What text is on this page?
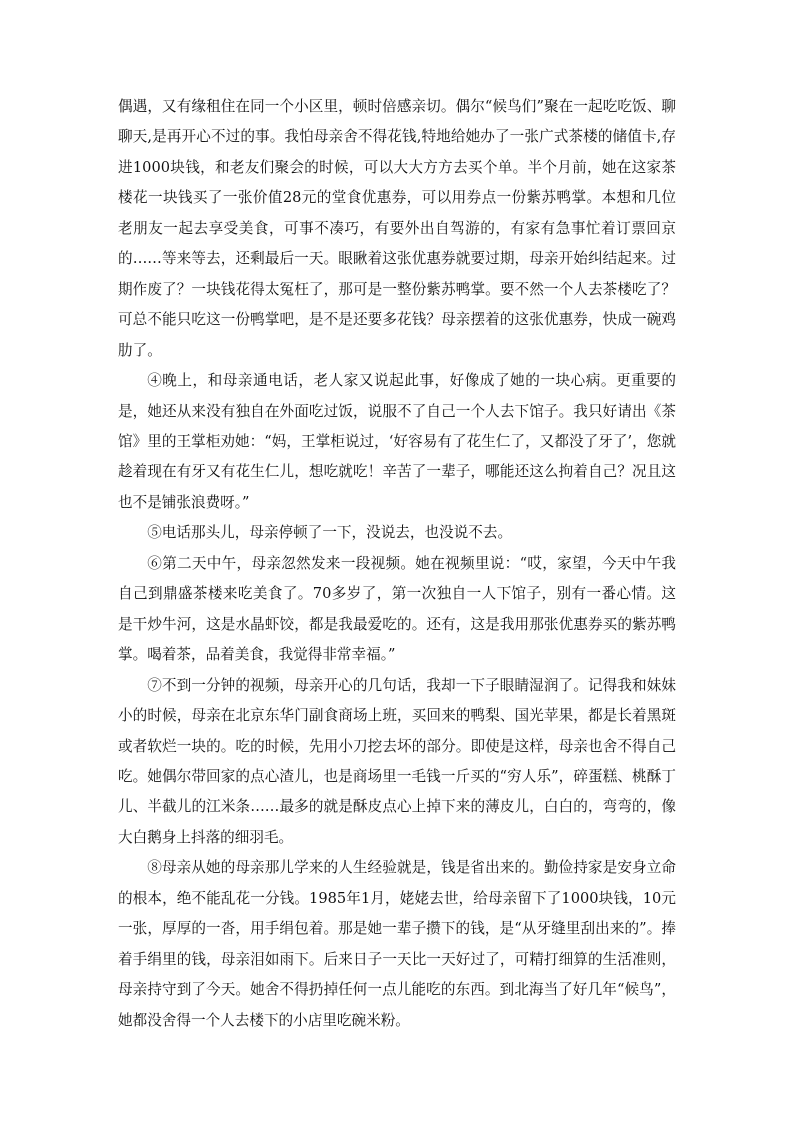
偶遇，又有缘租住在同一个小区里，顿时倍感亲切。偶尔“候鸟们”聚在一起吃吃饭、聊聊天,是再开心不过的事。我怕母亲舍不得花钱,特地给她办了一张广式茶楼的储值卡,存进1000块钱，和老友们聚会的时候，可以大大方方去买个单。半个月前，她在这家茶楼花一块钱买了一张价值28元的堂食优惠券，可以用券点一份紫苏鸭掌。本想和几位老朋友一起去享受美食，可事不凑巧，有要外出自驾游的，有家有急事忙着订票回京的……等来等去，还剩最后一天。眼瞅着这张优惠券就要过期，母亲开始纠结起来。过期作废了？一块钱花得太冤枉了，那可是一整份紫苏鸭掌。要不然一个人去茶楼吃了？可总不能只吃这一份鸭掌吧，是不是还要多花钱？母亲摆着的这张优惠券，快成一碗鸡肋了。

④晚上，和母亲通电话，老人家又说起此事，好像成了她的一块心病。更重要的是，她还从来没有独自在外面吃过饭，说服不了自己一个人去下馆子。我只好请出《茶馆》里的王掌柜劝她：“妈，王掌柜说过，‘好容易有了花生仁了，又都没了牙了’，您就趁着现在有牙又有花生仁儿，想吃就吃！辛苦了一辈子，哪能还这么拘着自己？况且这也不是铺张浪费呀。”

⑤电话那头儿，母亲停顿了一下，没说去，也没说不去。

⑥第二天中午，母亲忽然发来一段视频。她在视频里说：“哎，家望，今天中午我自己到鼎盛茶楼来吃美食了。70多岁了，第一次独自一人下馆子，别有一番心情。这是干炒牛河，这是水晶虾饺，都是我最爱吃的。还有，这是我用那张优惠券买的紫苏鸭掌。喝着茶，品着美食，我觉得非常幸福。”

⑦不到一分钟的视频，母亲开心的几句话，我却一下子眼睛湿润了。记得我和妹妹小的时候，母亲在北京东华门副食商场上班，买回来的鸭梨、国光苹果，都是长着黑斑或者软烂一块的。吃的时候，先用小刀挖去坏的部分。即使是这样，母亲也舍不得自己吃。她偶尔带回家的点心渣儿，也是商场里一毛钱一斤买的“穷人乐”，碎蛋糕、桃酥丁儿、半截儿的江米条……最多的就是酥皮点心上掉下来的薄皮儿，白白的，弯弯的，像大白鹅身上抖落的细羽毛。

⑧母亲从她的母亲那儿学来的人生经验就是，钱是省出来的。勤俭持家是安身立命的根本，绝不能乱花一分钱。1985年1月，姥姥去世，给母亲留下了1000块钱，10元一张，厚厚的一沓，用手绢包着。那是她一辈子攒下的钱，是“从牙缝里刮出来的”。捧着手绢里的钱，母亲泪如雨下。后来日子一天比一天好过了，可精打细算的生活准则，母亲持守到了今天。她舍不得扔掉任何一点儿能吃的东西。到北海当了好几年“候鸟”，她都没舍得一个人去楼下的小店里吃碗米粉。
